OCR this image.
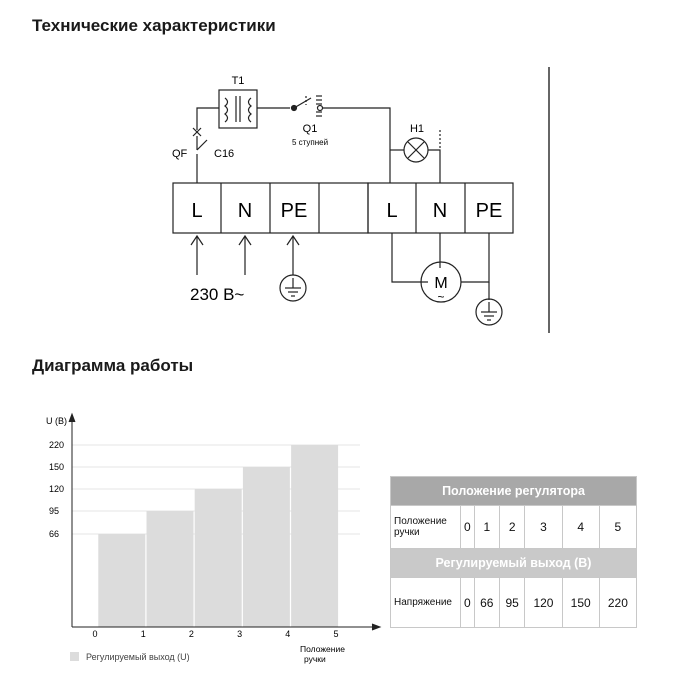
Технические характеристики
Диаграмма работы
T1
Q1
5 ступней
QF C16
H1
M
~
230 В~
L N PE	L N PE
U (В)
66
95
120
150
220
0	1	2	3	4	5
Положение ручки
Регулируемый выход (U)
Положение регулятора						
Положение ручки	0	1	2	3	4	5
Регулируемый выход (В)						
Напряжение	0	66	95	120	150	220
